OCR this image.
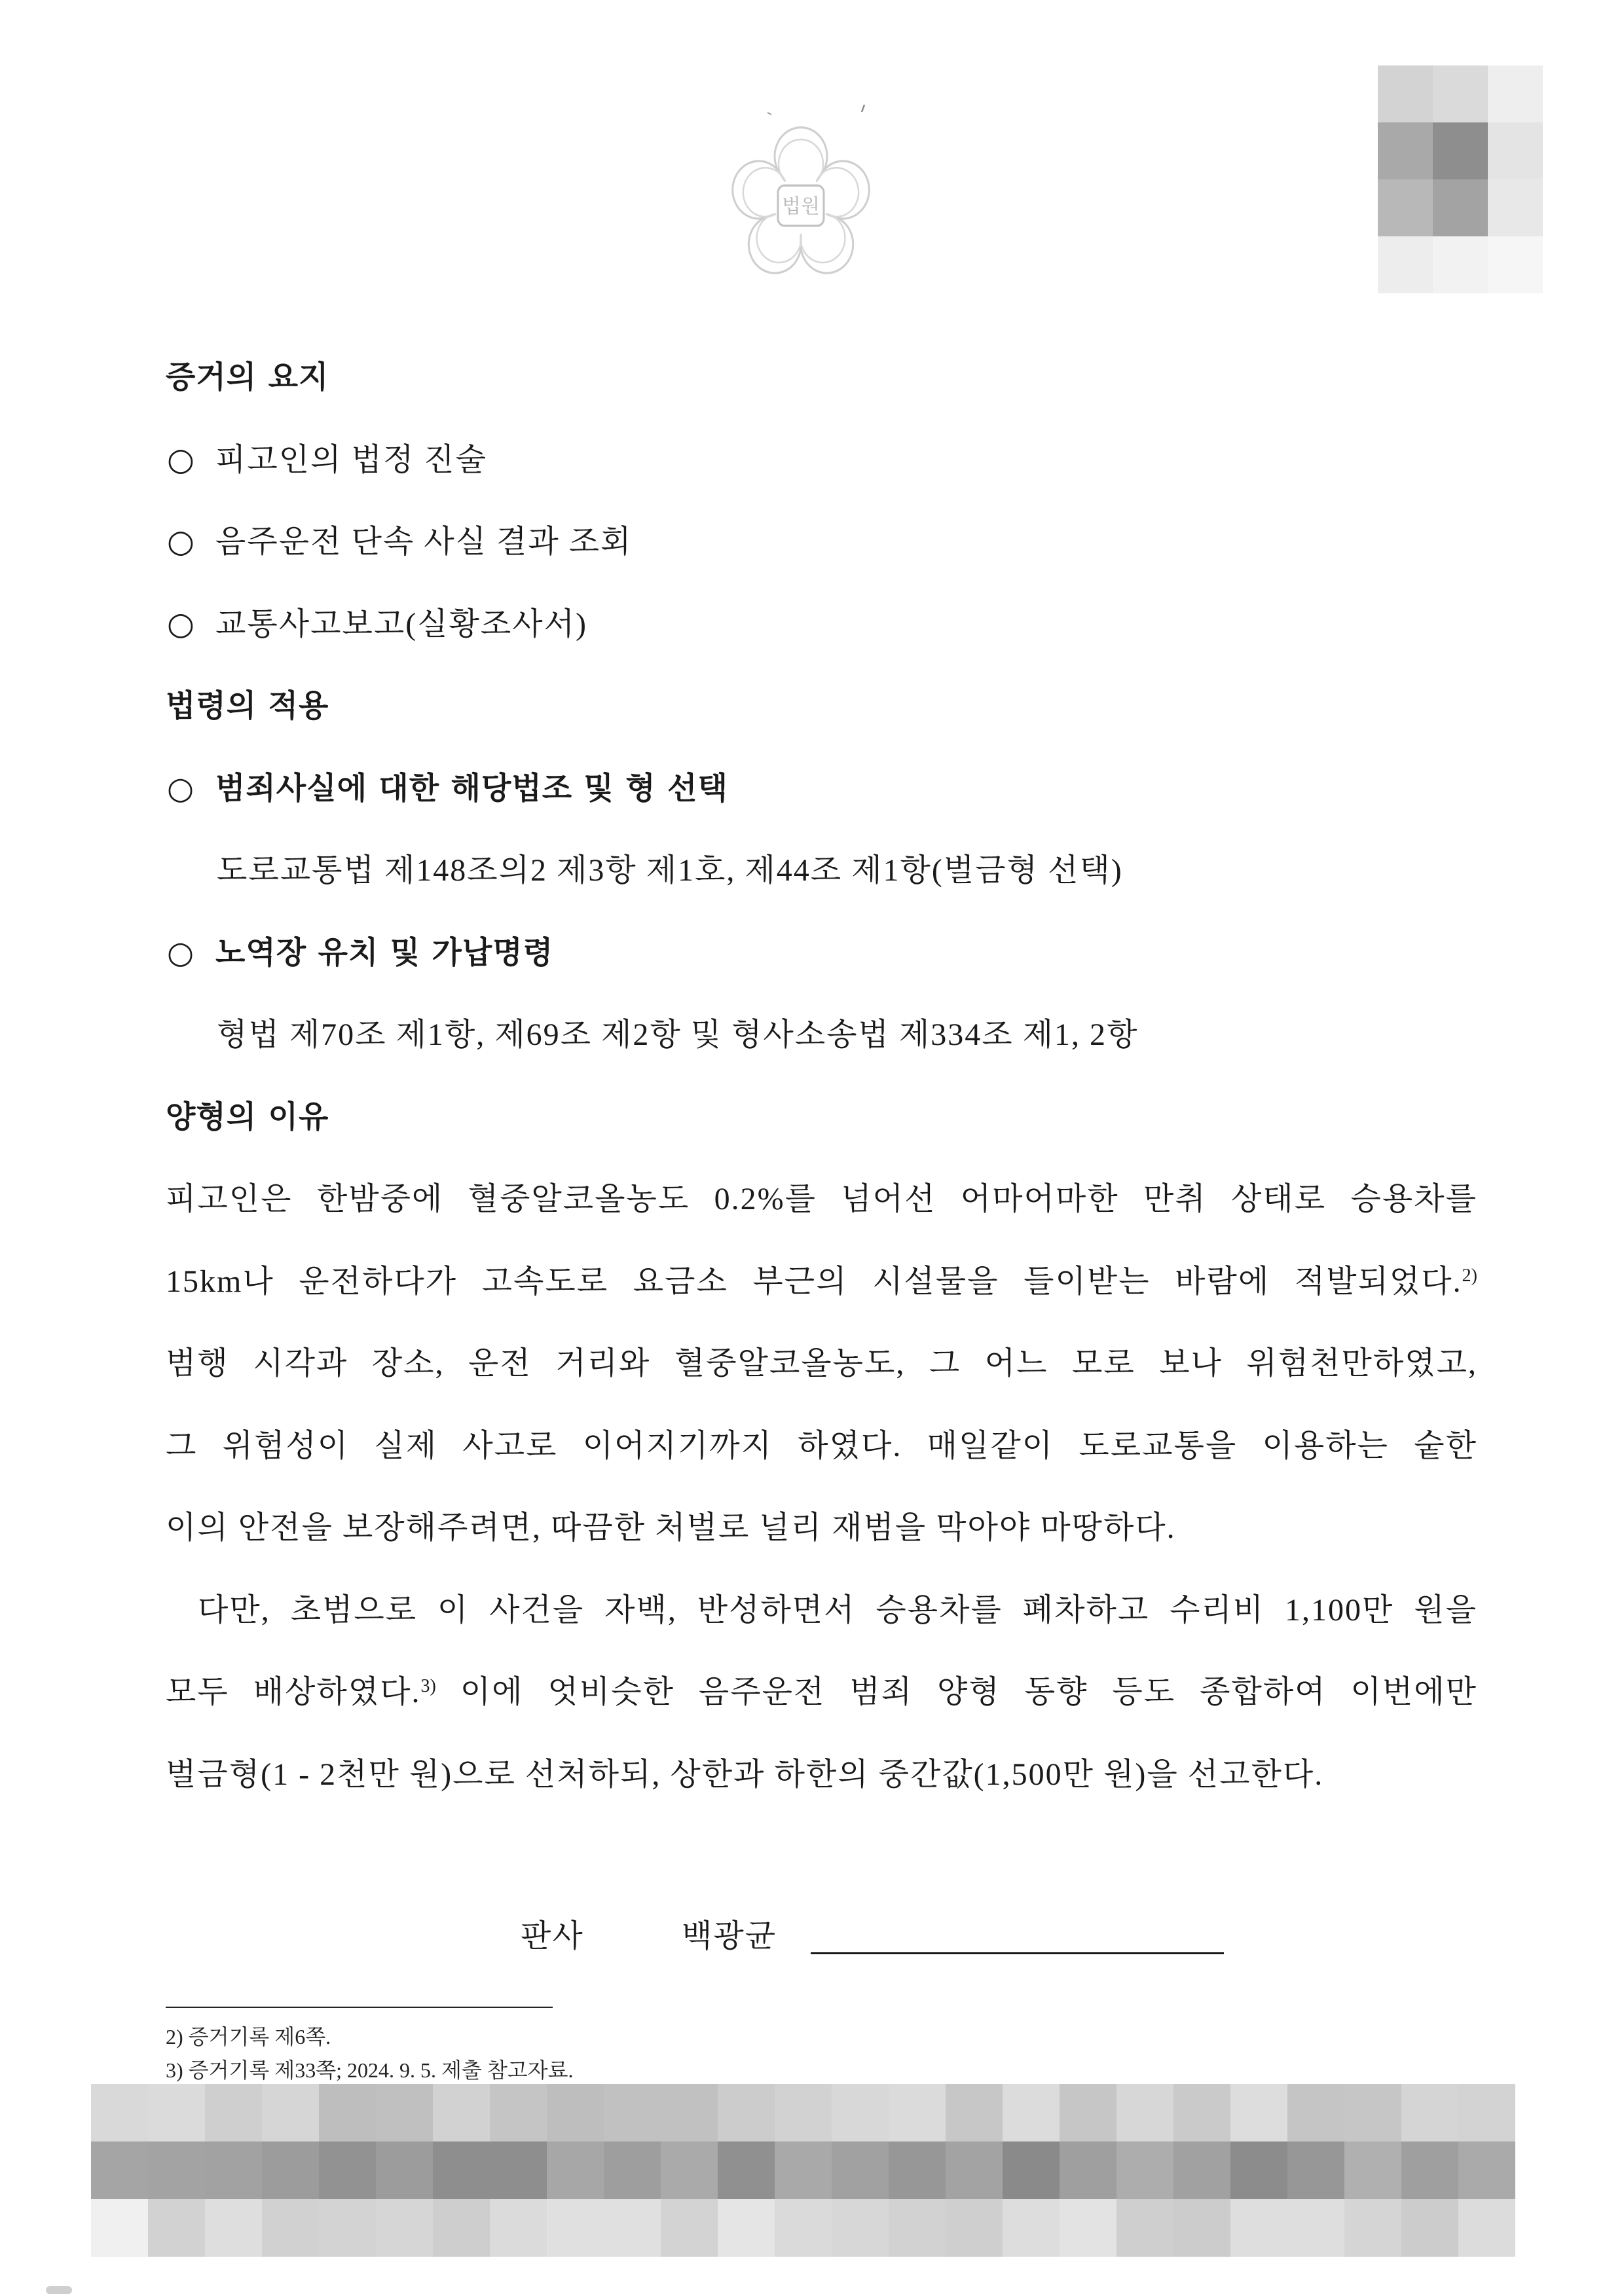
법원
증거의 요지
○ 피고인의 법정 진술
○ 음주운전 단속 사실 결과 조회
○ 교통사고보고(실황조사서)
법령의 적용
○ 범죄사실에 대한 해당법조 및 형 선택
도로교통법 제148조의2 제3항 제1호, 제44조 제1항(벌금형 선택)
○ 노역장 유치 및 가납명령
형법 제70조 제1항, 제69조 제2항 및 형사소송법 제334조 제1, 2항
양형의 이유
피고인은 한밤중에 혈중알코올농도 0.2%를 넘어선 어마어마한 만취 상태로 승용차를
15km나 운전하다가 고속도로 요금소 부근의 시설물을 들이받는 바람에 적발되었다.$^{2)}$
범행 시각과 장소, 운전 거리와 혈중알코올농도, 그 어느 모로 보나 위험천만하였고,
그 위험성이 실제 사고로 이어지기까지 하였다. 매일같이 도로교통을 이용하는 숱한
이의 안전을 보장해주려면, 따끔한 처벌로 널리 재범을 막아야 마땅하다.
다만, 초범으로 이 사건을 자백, 반성하면서 승용차를 폐차하고 수리비 1,100만 원을
모두 배상하였다.$^{3)}$ 이에 엇비슷한 음주운전 범죄 양형 동향 등도 종합하여 이번에만
벌금형(1 - 2천만 원)으로 선처하되, 상한과 하한의 중간값(1,500만 원)을 선고한다.
판사	백광균
2) 증거기록 제6쪽.
3) 증거기록 제33쪽; 2024. 9. 5. 제출 참고자료.
